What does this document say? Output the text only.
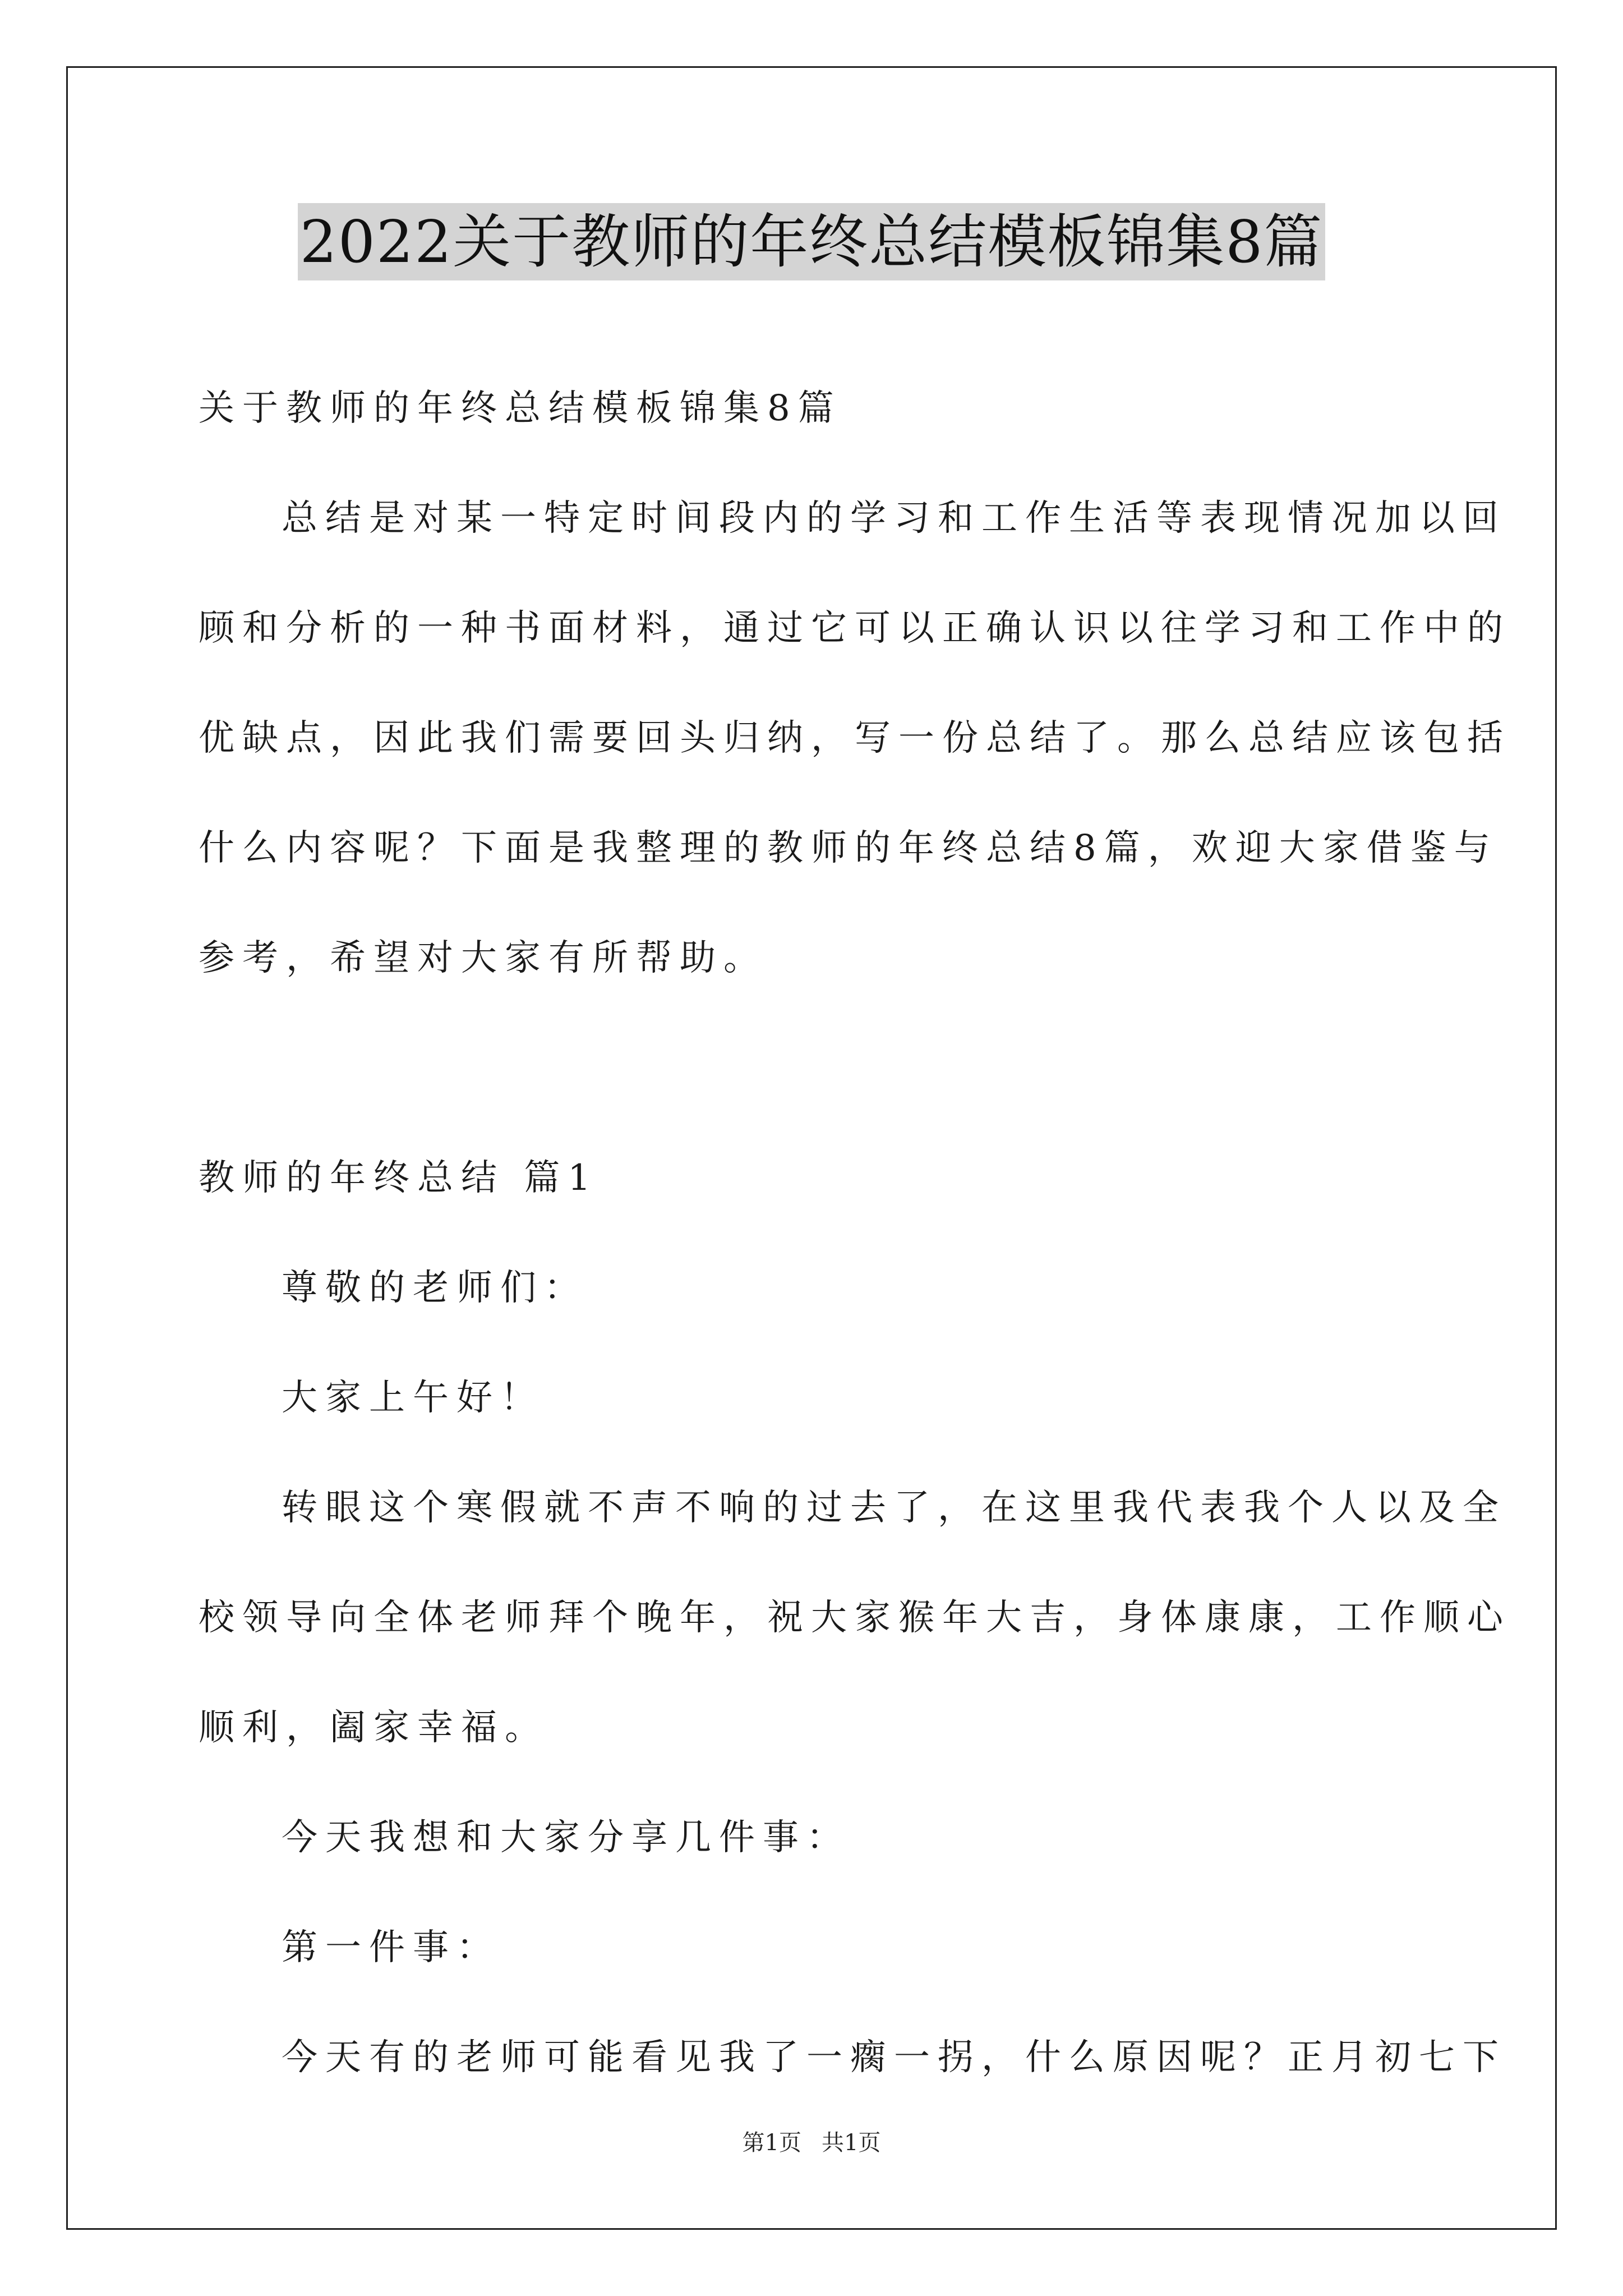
2022关于教师的年终总结模板锦集8篇

关于教师的年终总结模板锦集8篇

总结是对某一特定时间段内的学习和工作生活等表现情况加以回

顾和分析的一种书面材料，通过它可以正确认识以往学习和工作中的

优缺点，因此我们需要回头归纳，写一份总结了。那么总结应该包括

什么内容呢？下面是我整理的教师的年终总结8篇，欢迎大家借鉴与

参考，希望对大家有所帮助。

教师的年终总结 篇1

尊敬的老师们：

大家上午好！

转眼这个寒假就不声不响的过去了，在这里我代表我个人以及全

校领导向全体老师拜个晚年，祝大家猴年大吉，身体康康，工作顺心

顺利，阖家幸福。

今天我想和大家分享几件事：

第一件事：

今天有的老师可能看见我了一瘸一拐，什么原因呢？正月初七下

第1页 共1页
